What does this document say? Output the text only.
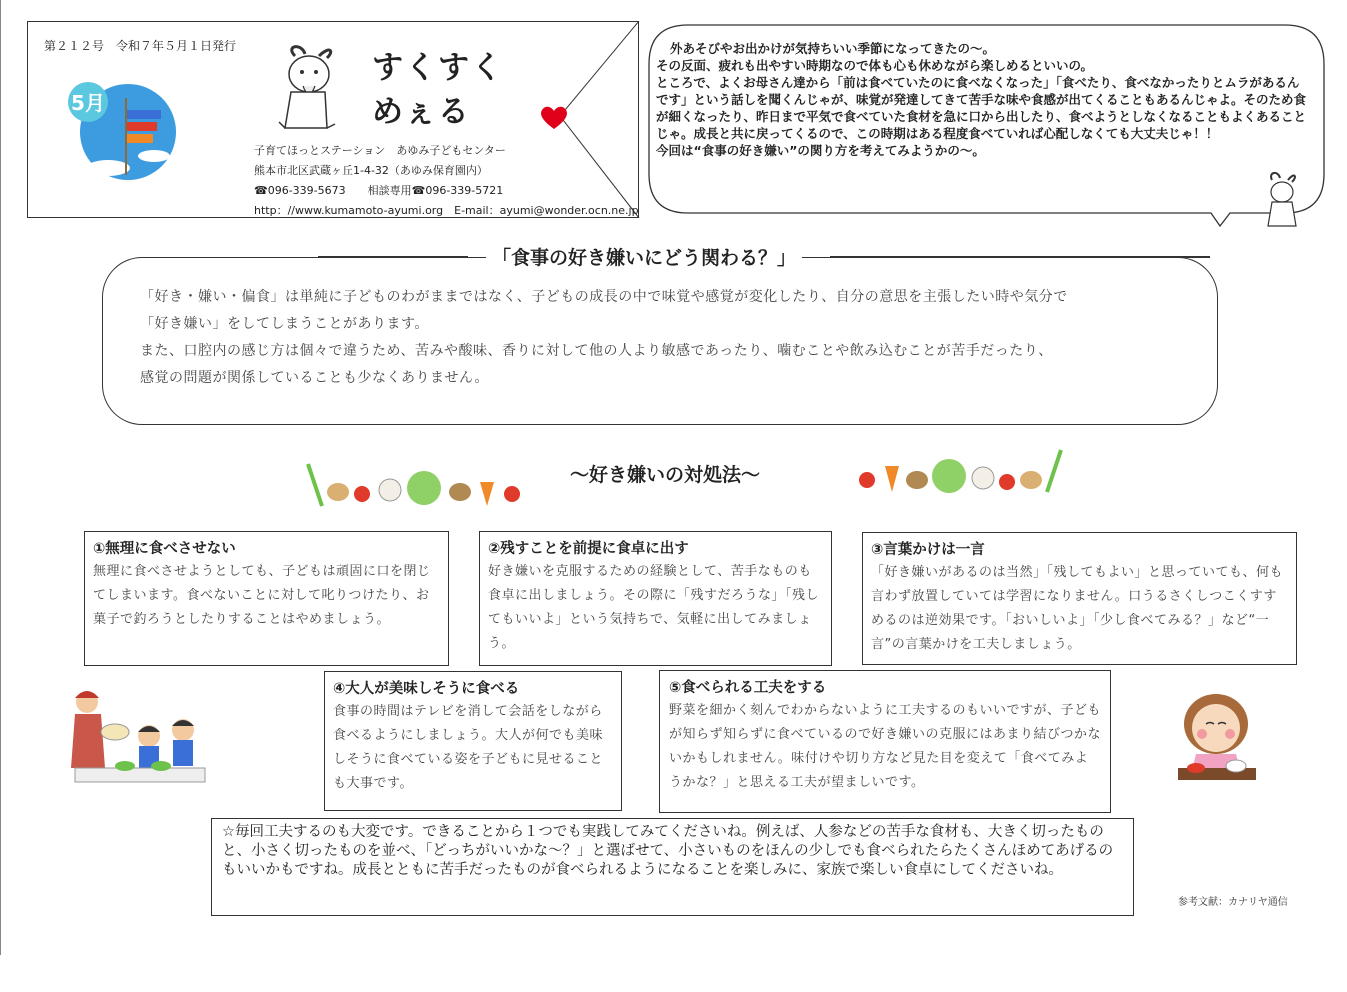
第２１２号　令和７年５月１日発行
5月
すくすく
めぇる
子育てほっとステーション　あゆみ子どもセンター
熊本市北区武蔵ヶ丘1-4-32（あゆみ保育園内）
☎096-339-5673　　相談専用☎096-339-5721
http：//www.kumamoto-ayumi.org　E-mail：ayumi@wonder.ocn.ne.jp
外あそびやお出かけが気持ちいい季節になってきたの～。
その反面、疲れも出やすい時期なので体も心も休めながら楽しめるといいの。
ところで、よくお母さん達から「前は食べていたのに食べなくなった」「食べたり、食べなかったりとムラがあるんです」という話しを聞くんじゃが、味覚が発達してきて苦手な味や食感が出てくることもあるんじゃよ。そのため食が細くなったり、昨日まで平気で食べていた食材を急に口から出したり、食べようとしなくなることもよくあることじゃ。成長と共に戻ってくるので、この時期はある程度食べていれば心配しなくても大丈夫じゃ！！
今回は“食事の好き嫌い”の関り方を考えてみようかの～。
「食事の好き嫌いにどう関わる？」
「好き・嫌い・偏食」は単純に子どものわがままではなく、子どもの成長の中で味覚や感覚が変化したり、自分の意思を主張したい時や気分で
「好き嫌い」をしてしまうことがあります。
また、口腔内の感じ方は個々で違うため、苦みや酸味、香りに対して他の人より敏感であったり、噛むことや飲み込むことが苦手だったり、
感覚の問題が関係していることも少なくありません。
～好き嫌いの対処法～
①無理に食べさせない
無理に食べさせようとしても、子どもは頑固に口を閉じてしまいます。食べないことに対して叱りつけたり、お菓子で釣ろうとしたりすることはやめましょう。
②残すことを前提に食卓に出す
好き嫌いを克服するための経験として、苦手なものも食卓に出しましょう。その際に「残すだろうな」「残してもいいよ」という気持ちで、気軽に出してみましょう。
③言葉かけは一言
「好き嫌いがあるのは当然」「残してもよい」と思っていても、何も言わず放置していては学習になりません。口うるさくしつこくすすめるのは逆効果です。「おいしいよ」「少し食べてみる？」など“一言”の言葉かけを工夫しましょう。
④大人が美味しそうに食べる
食事の時間はテレビを消して会話をしながら食べるようにしましょう。大人が何でも美味しそうに食べている姿を子どもに見せることも大事です。
⑤食べられる工夫をする
野菜を細かく刻んでわからないように工夫するのもいいですが、子どもが知らず知らずに食べているので好き嫌いの克服にはあまり結びつかないかもしれません。味付けや切り方など見た目を変えて「食べてみようかな？」と思える工夫が望ましいです。
☆毎回工夫するのも大変です。できることから１つでも実践してみてくださいね。例えば、人参などの苦手な食材も、大きく切ったものと、小さく切ったものを並べ、「どっちがいいかな～？」と選ばせて、小さいものをほんの少しでも食べられたらたくさんほめてあげるのもいいかもですね。成長とともに苦手だったものが食べられるようになることを楽しみに、家族で楽しい食卓にしてくださいね。
参考文献：カナリヤ通信
